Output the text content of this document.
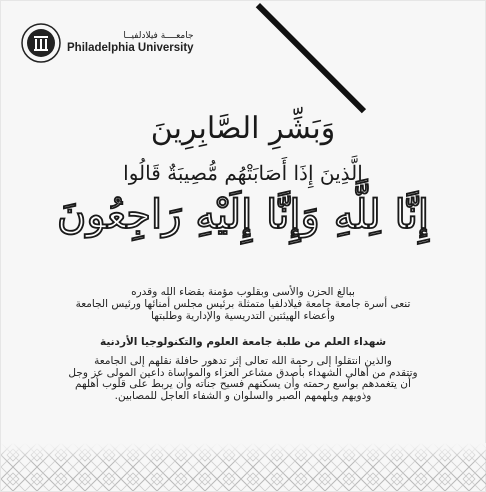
جامعــــة فيلادلفيــا
Philadelphia University
وَبَشِّرِ الصَّابِرِينَ
الَّذِينَ إِذَا أَصَابَتْهُم مُّصِيبَةٌ قَالُوا
إِنَّا لِلَّهِ وَإِنَّا إِلَيْهِ رَاجِعُونَ
ببالغ الحزن والأسى وبقلوب مؤمنة بقضاء الله وقدره
تنعى أسرة جامعة جامعة فيلادلفيا متمثلة برئيس مجلس أمنائها ورئيس الجامعة
وأعضاء الهيئتين التدريسية والإدارية وطلبتها
شهداء العلم من طلبة جامعة العلوم والتكنولوجيا الأردنية
والذين انتقلوا إلى رحمة الله تعالى إثر تدهور حافلة نقلهم إلى الجامعة
وتتقدم من أهالي الشهداء بأصدق مشاعر العزاء والمواساة داعين المولى عز وجل
أن يتغمدهم بواسع رحمته وأن يسكنهم فسيح جناته وأن يربط على قلوب أهلهم
وذويهم ويلهمهم الصبر والسلوان و الشفاء العاجل للمصابين.
